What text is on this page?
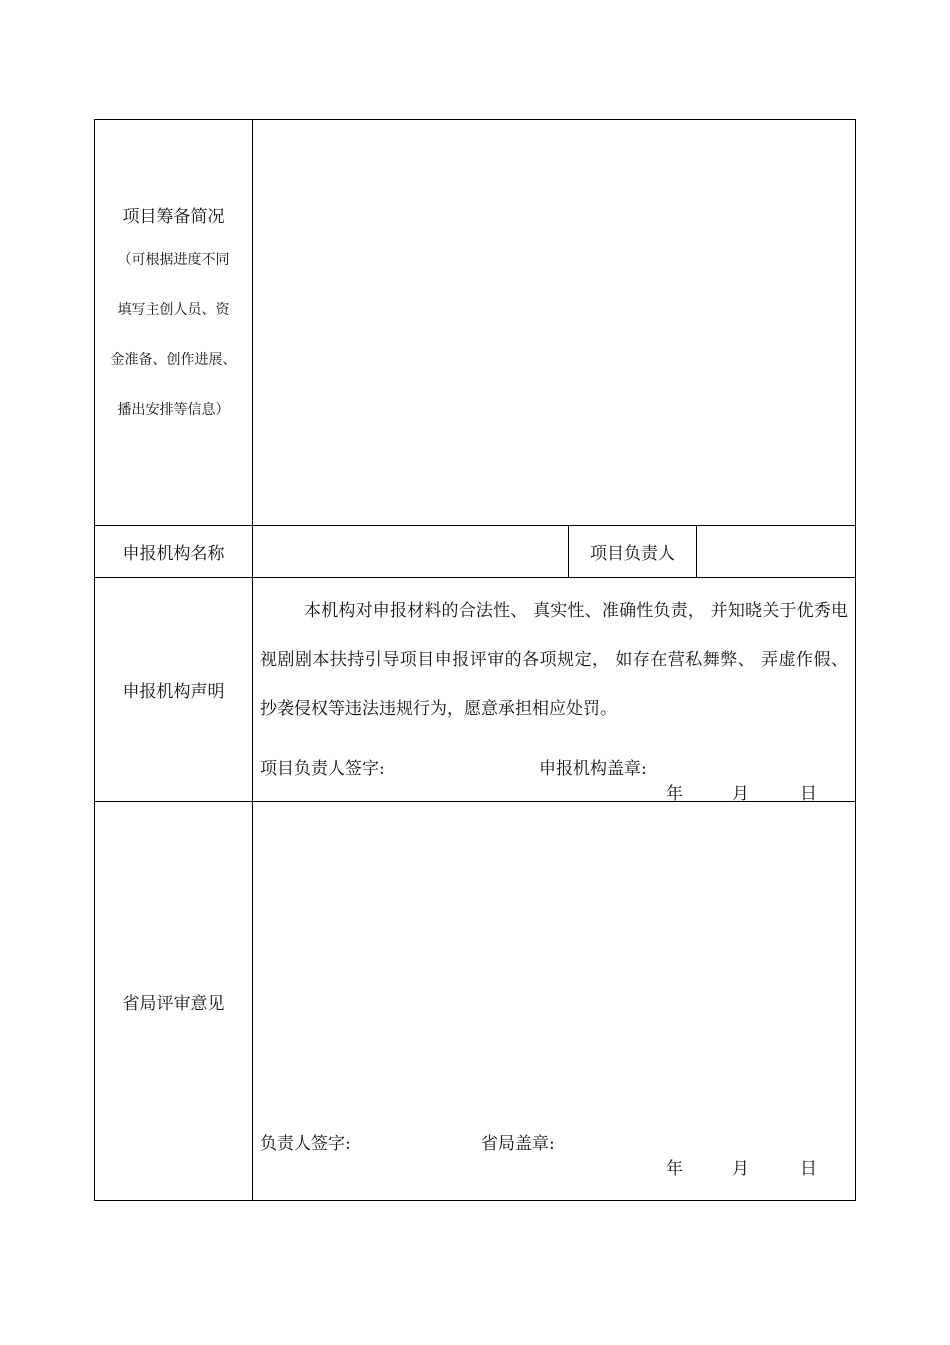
项目筹备简况
（可根据进度不同
填写主创人员、资
金准备、创作进展、
播出安排等信息）
申报机构名称	项目负责人
申报机构声明

本机构对申报材料的合法性、 真实性、准确性负责， 并知晓关于优秀电视剧剧本扶持引导项目申报评审的各项规定， 如存在营私舞弊、 弄虚作假、抄袭侵权等违法违规行为，愿意承担相应处罚。

项目负责人签字:	申报机构盖章:
年	月	日
省局评审意见
负责人签字:	省局盖章:
年	月	日
